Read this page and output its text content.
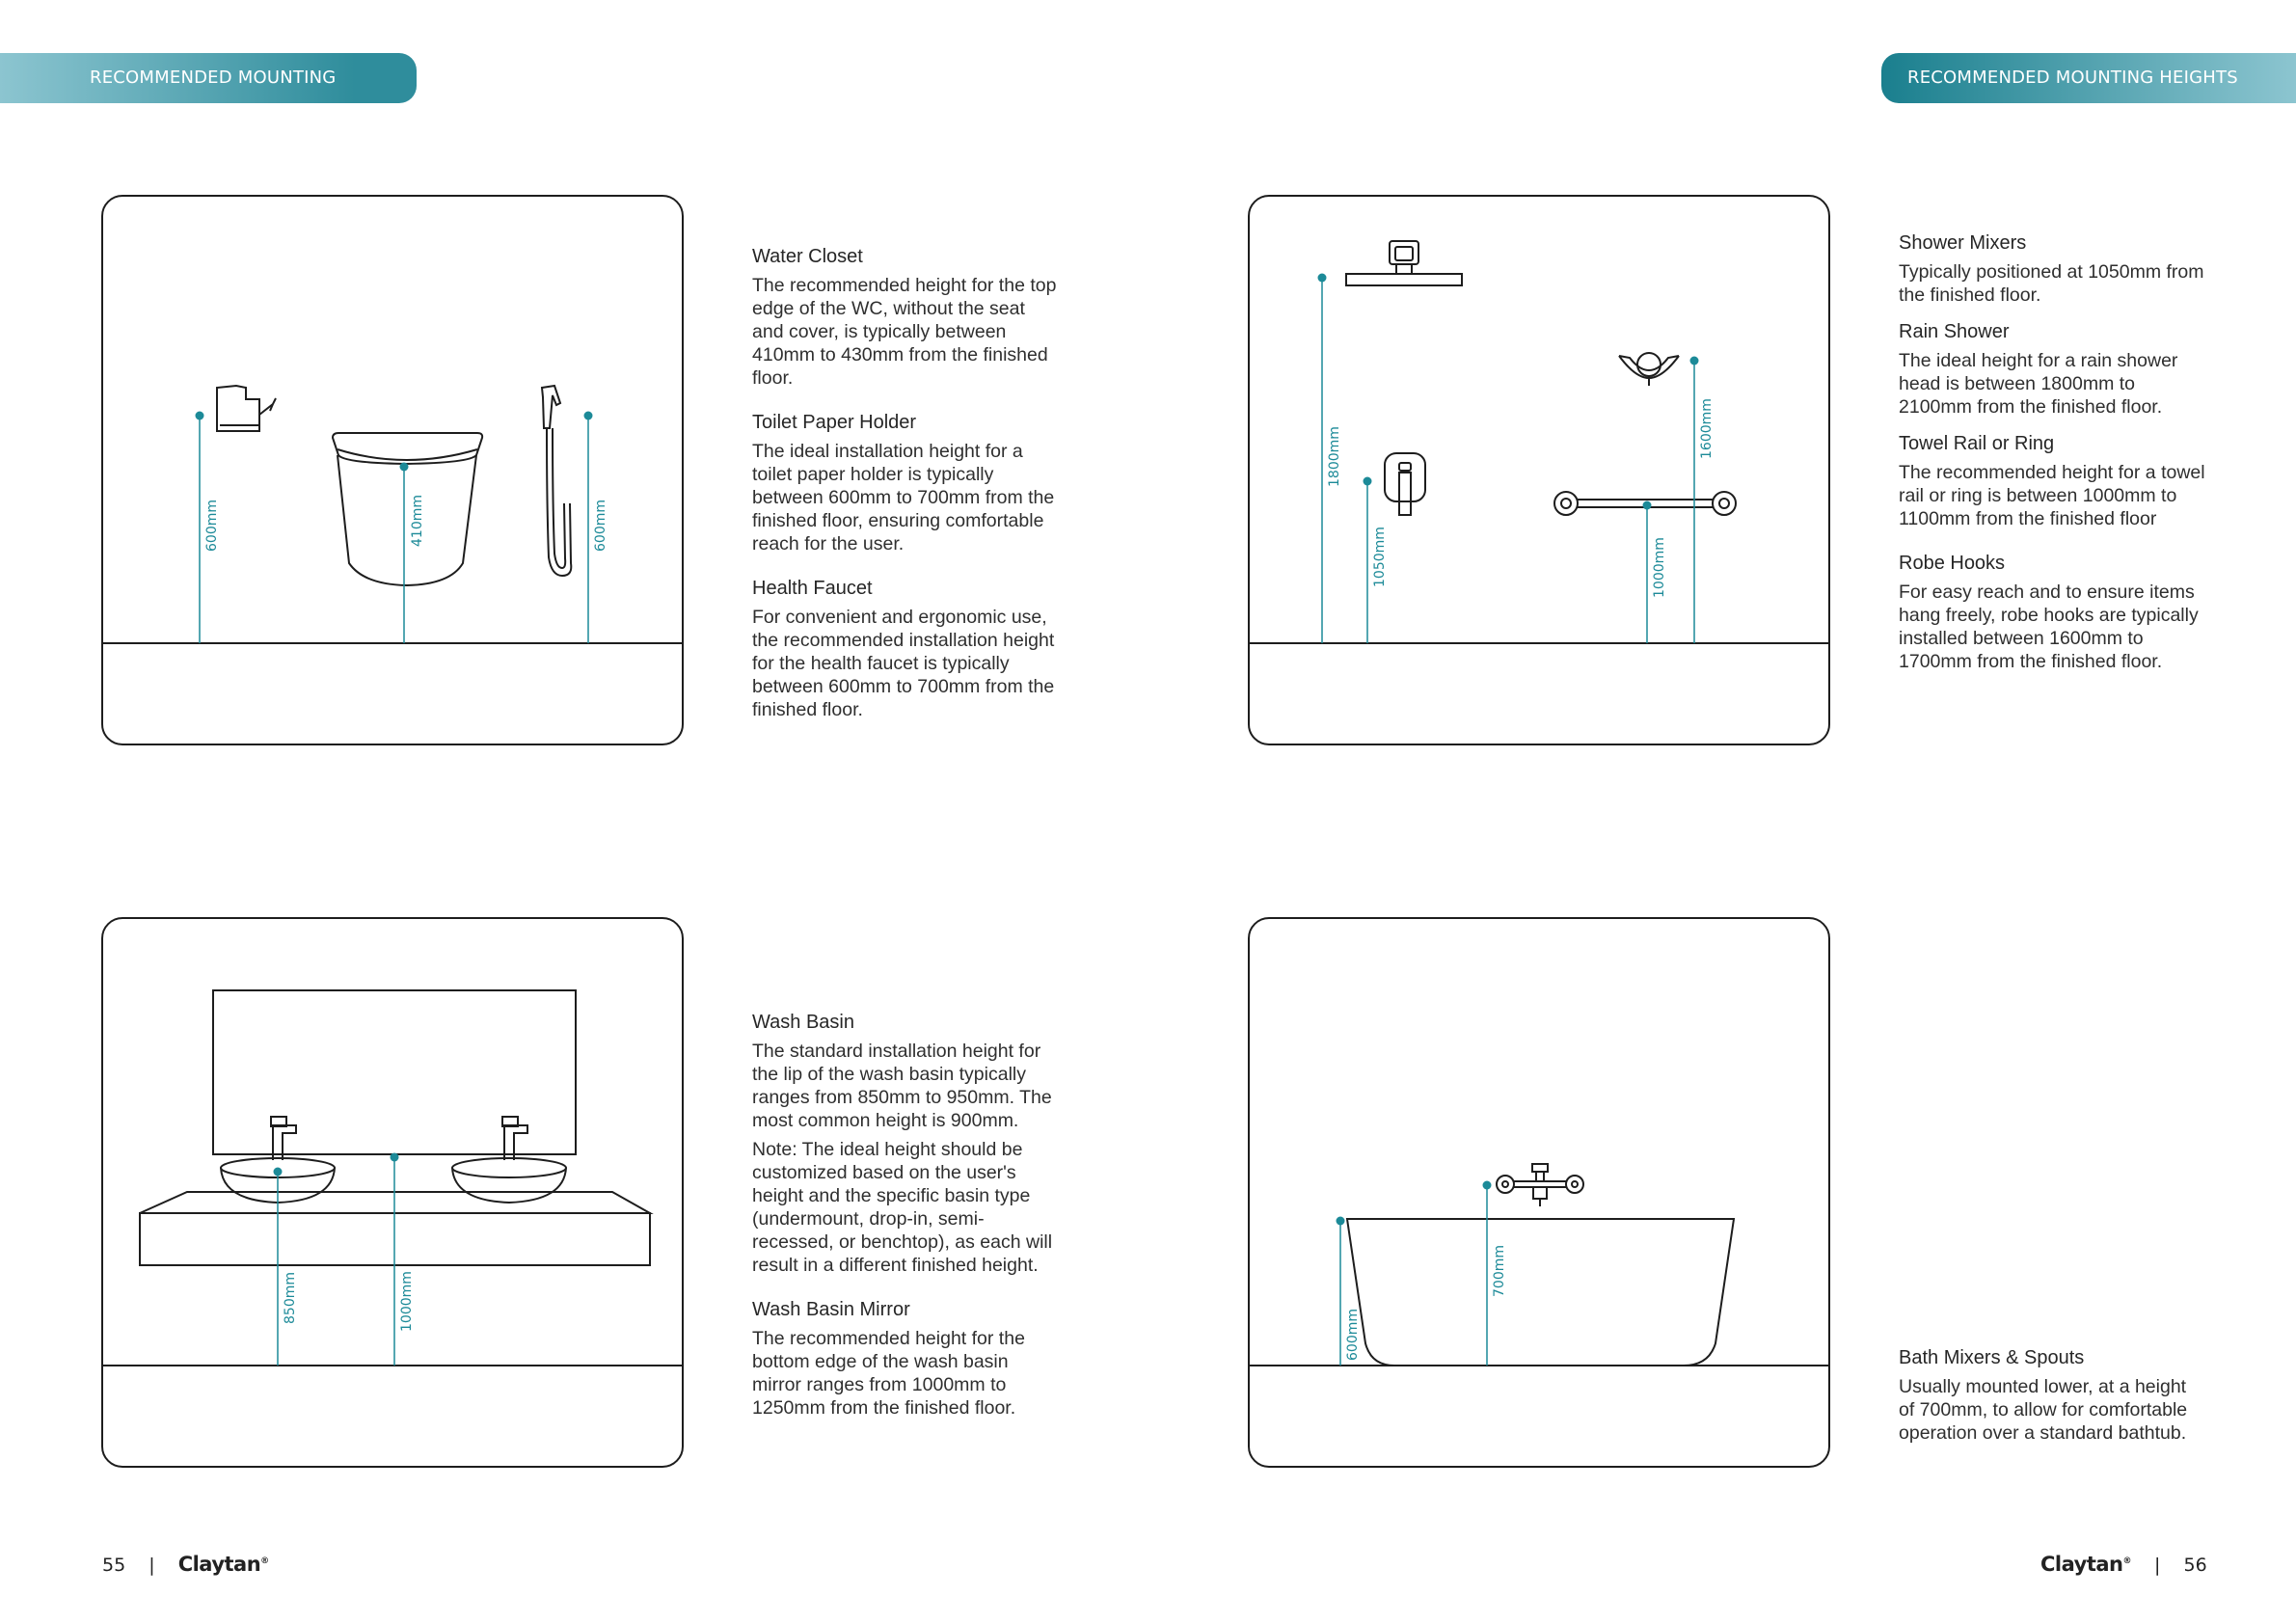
RECOMMENDED MOUNTING HEIGHTS
RECOMMENDED MOUNTING HEIGHTS
600mm	410mm	600mm
1800mm
1050mm
1600mm
1000mm
850mm	1000mm
600mm
700mm
Water Closet

The recommended height for the top edge of the WC, without the seat and cover, is typically between 410mm to 430mm from the finished floor.

Toilet Paper Holder

The ideal installation height for a toilet paper holder is typically between 600mm to 700mm from the finished floor, ensuring comfortable reach for the user.

Health Faucet

For convenient and ergonomic use, the recommended installation height for the health faucet is typically between 600mm to 700mm from the finished floor.

Shower Mixers

Typically positioned at 1050mm from the finished floor.

Rain Shower

The ideal height for a rain shower head is between 1800mm to 2100mm from the finished floor.

Towel Rail or Ring

The recommended height for a towel rail or ring is between 1000mm to 1100mm from the finished floor

Robe Hooks

For easy reach and to ensure items hang freely, robe hooks are typically installed between 1600mm to 1700mm from the finished floor.

Wash Basin

The standard installation height for the lip of the wash basin typically ranges from 850mm to 950mm. The most common height is 900mm.

Note: The ideal height should be customized based on the user's height and the specific basin type (undermount, drop-in, semi-recessed, or benchtop), as each will result in a different finished height.

Wash Basin Mirror

The recommended height for the bottom edge of the wash basin mirror ranges from 1000mm to 1250mm from the finished floor.

Bath Mixers & Spouts

Usually mounted lower, at a height of 700mm, to allow for comfortable operation over a standard bathtub.

55 | Claytan®	Claytan® | 56
